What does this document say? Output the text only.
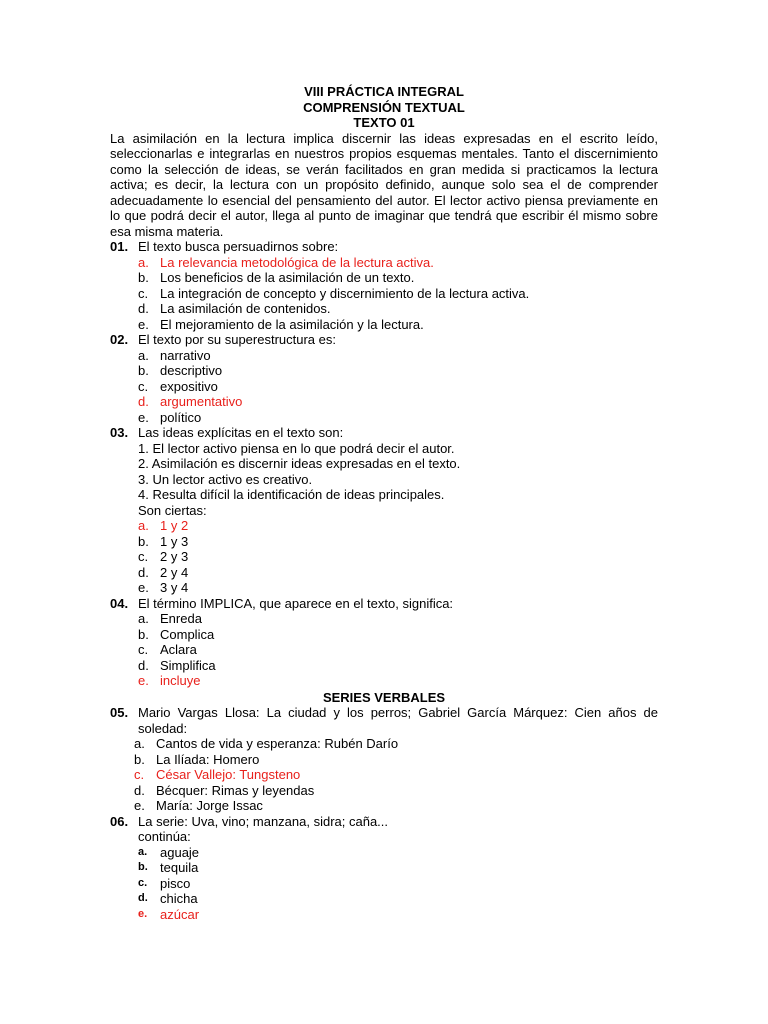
VIII PRÁCTICA INTEGRAL
COMPRENSIÓN TEXTUAL
TEXTO 01
La asimilación en la lectura implica discernir las ideas expresadas en el escrito leído, seleccionarlas e integrarlas en nuestros propios esquemas mentales. Tanto el discernimiento como la selección de ideas, se verán facilitados en gran medida si practicamos la lectura activa; es decir, la lectura con un propósito definido, aunque solo sea el de comprender adecuadamente lo esencial del pensamiento del autor. El lector activo piensa previamente en lo que podrá decir el autor, llega al punto de imaginar que tendrá que escribir él mismo sobre esa misma materia.
01. El texto busca persuadirnos sobre:
a. La relevancia metodológica de la lectura activa.
b. Los beneficios de la asimilación de un texto.
c. La integración de concepto y discernimiento de la lectura activa.
d. La asimilación de contenidos.
e. El mejoramiento de la asimilación y la lectura.
02. El texto por su superestructura es:
a. narrativo
b. descriptivo
c. expositivo
d. argumentativo
e. político
03. Las ideas explícitas en el texto son:
1. El lector activo piensa en lo que podrá decir el autor.
2. Asimilación es discernir ideas expresadas en el texto.
3. Un lector activo es creativo.
4. Resulta difícil la identificación de ideas principales.
Son ciertas:
a. 1 y 2
b. 1 y 3
c. 2 y 3
d. 2 y 4
e. 3 y 4
04. El término IMPLICA, que aparece en el texto, significa:
a. Enreda
b. Complica
c. Aclara
d. Simplifica
e. incluye
SERIES VERBALES
05. Mario Vargas Llosa: La ciudad y los perros; Gabriel García Márquez: Cien años de soledad:
a. Cantos de vida y esperanza: Rubén Darío
b. La Ilíada: Homero
c. César Vallejo: Tungsteno
d. Bécquer: Rimas y leyendas
e. María: Jorge Issac
06. La serie: Uva, vino; manzana, sidra; caña...
continúa:
a. aguaje
b. tequila
c. pisco
d. chicha
e. azúcar
